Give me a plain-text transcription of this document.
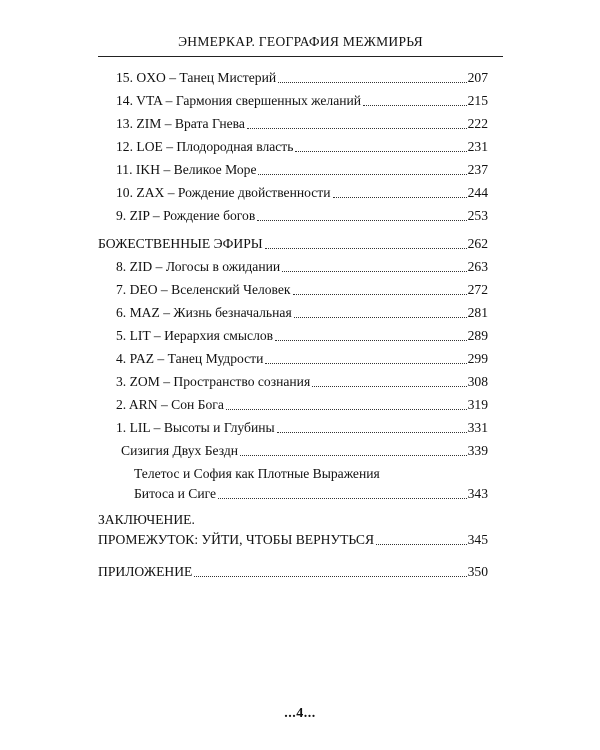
ЭНМЕРКАР. ГЕОГРАФИЯ МЕЖМИРЬЯ
15. OXO – Танец Мистерий	207
14. VTA – Гармония свершенных желаний	215
13. ZIM – Врата Гнева	222
12. LOE – Плодородная власть	231
11. IKH – Великое Море	237
10. ZAX – Рождение двойственности	244
9. ZIP – Рождение богов	253
БОЖЕСТВЕННЫЕ ЭФИРЫ	262
8. ZID – Логосы в ожидании	263
7. DEO – Вселенский Человек	272
6. MAZ – Жизнь безначальная	281
5. LIT – Иерархия смыслов	289
4. PAZ – Танец Мудрости	299
3. ZOM – Пространство сознания	308
2. ARN – Сон Бога	319
1. LIL – Высоты и Глубины	331
Сизигия Двух Бездн	339
Телетос и София как Плотные Выражения
Битоса и Сиге	343
ЗАКЛЮЧЕНИЕ.
ПРОМЕЖУТОК: УЙТИ, ЧТОБЫ ВЕРНУТЬСЯ	345
ПРИЛОЖЕНИЕ	350
...4...
